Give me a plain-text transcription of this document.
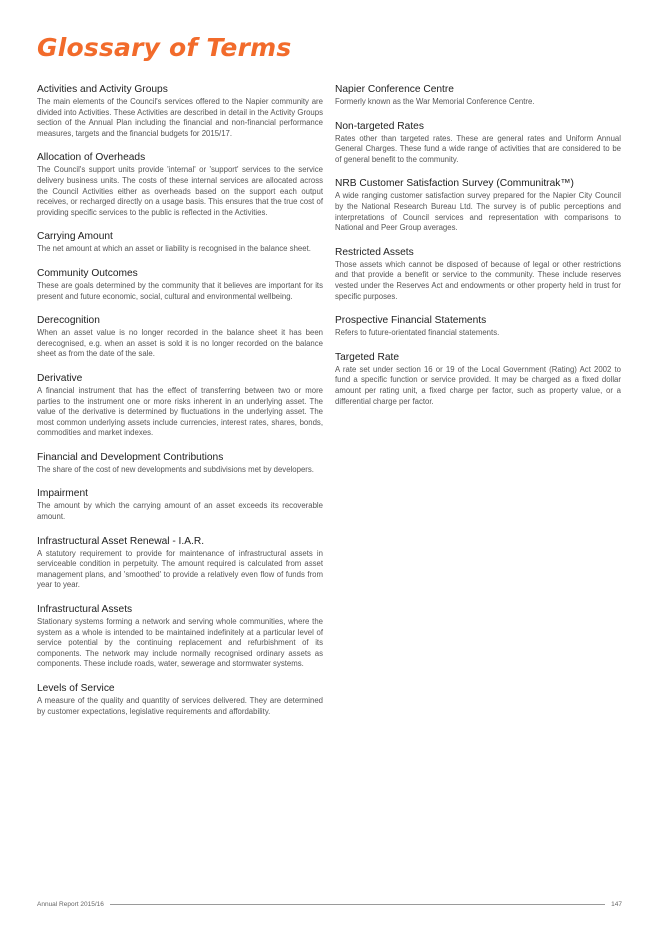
Glossary of Terms
Activities and Activity Groups

The main elements of the Council's services offered to the Napier community are divided into Activities. These Activities are described in detail in the Activity Groups section of the Annual Plan including the financial and non-financial performance measures, targets and the financial budgets for 2015/17.

Allocation of Overheads

The Council's support units provide 'internal' or 'support' services to the service delivery business units. The costs of these internal services are allocated across the Council Activities either as overheads based on the support each output receives, or recharged directly on a usage basis. This ensures that the true cost of providing specific services to the public is reflected in the Activities.

Carrying Amount

The net amount at which an asset or liability is recognised in the balance sheet.

Community Outcomes

These are goals determined by the community that it believes are important for its present and future economic, social, cultural and environmental wellbeing.

Derecognition

When an asset value is no longer recorded in the balance sheet it has been derecognised, e.g. when an asset is sold it is no longer recorded on the balance sheet as from the date of the sale.

Derivative

A financial instrument that has the effect of transferring between two or more parties to the instrument one or more risks inherent in an underlying asset. The value of the derivative is determined by fluctuations in the underlying asset. The most common underlying assets include currencies, interest rates, shares, bonds, commodities and market indexes.

Financial and Development Contributions

The share of the cost of new developments and subdivisions met by developers.

Impairment

The amount by which the carrying amount of an asset exceeds its recoverable amount.

Infrastructural Asset Renewal - I.A.R.

A statutory requirement to provide for maintenance of infrastructural assets in serviceable condition in perpetuity. The amount required is calculated from asset management plans, and 'smoothed' to provide a relatively even flow of funds from year to year.

Infrastructural Assets

Stationary systems forming a network and serving whole communities, where the system as a whole is intended to be maintained indefinitely at a particular level of service potential by the continuing replacement and refurbishment of its components. The network may include normally recognised ordinary assets as components. These include roads, water, sewerage and stormwater systems.

Levels of Service

A measure of the quality and quantity of services delivered. They are determined by customer expectations, legislative requirements and affordability.

Napier Conference Centre

Formerly known as the War Memorial Conference Centre.

Non-targeted Rates

Rates other than targeted rates. These are general rates and Uniform Annual General Charges. These fund a wide range of activities that are considered to be of general benefit to the community.

NRB Customer Satisfaction Survey (Communitrak™)

A wide ranging customer satisfaction survey prepared for the Napier City Council by the National Research Bureau Ltd. The survey is of public perceptions and interpretations of Council services and representation with comparisons to National and Peer Group averages.

Restricted Assets

Those assets which cannot be disposed of because of legal or other restrictions and that provide a benefit or service to the community. These include reserves vested under the Reserves Act and endowments or other property held in trust for specific purposes.

Prospective Financial Statements

Refers to future-orientated financial statements.

Targeted Rate

A rate set under section 16 or 19 of the Local Government (Rating) Act 2002 to fund a specific function or service provided. It may be charged as a fixed dollar amount per rating unit, a fixed charge per factor, such as property value, or a differential charge per factor.

Annual Report 2015/16	147
